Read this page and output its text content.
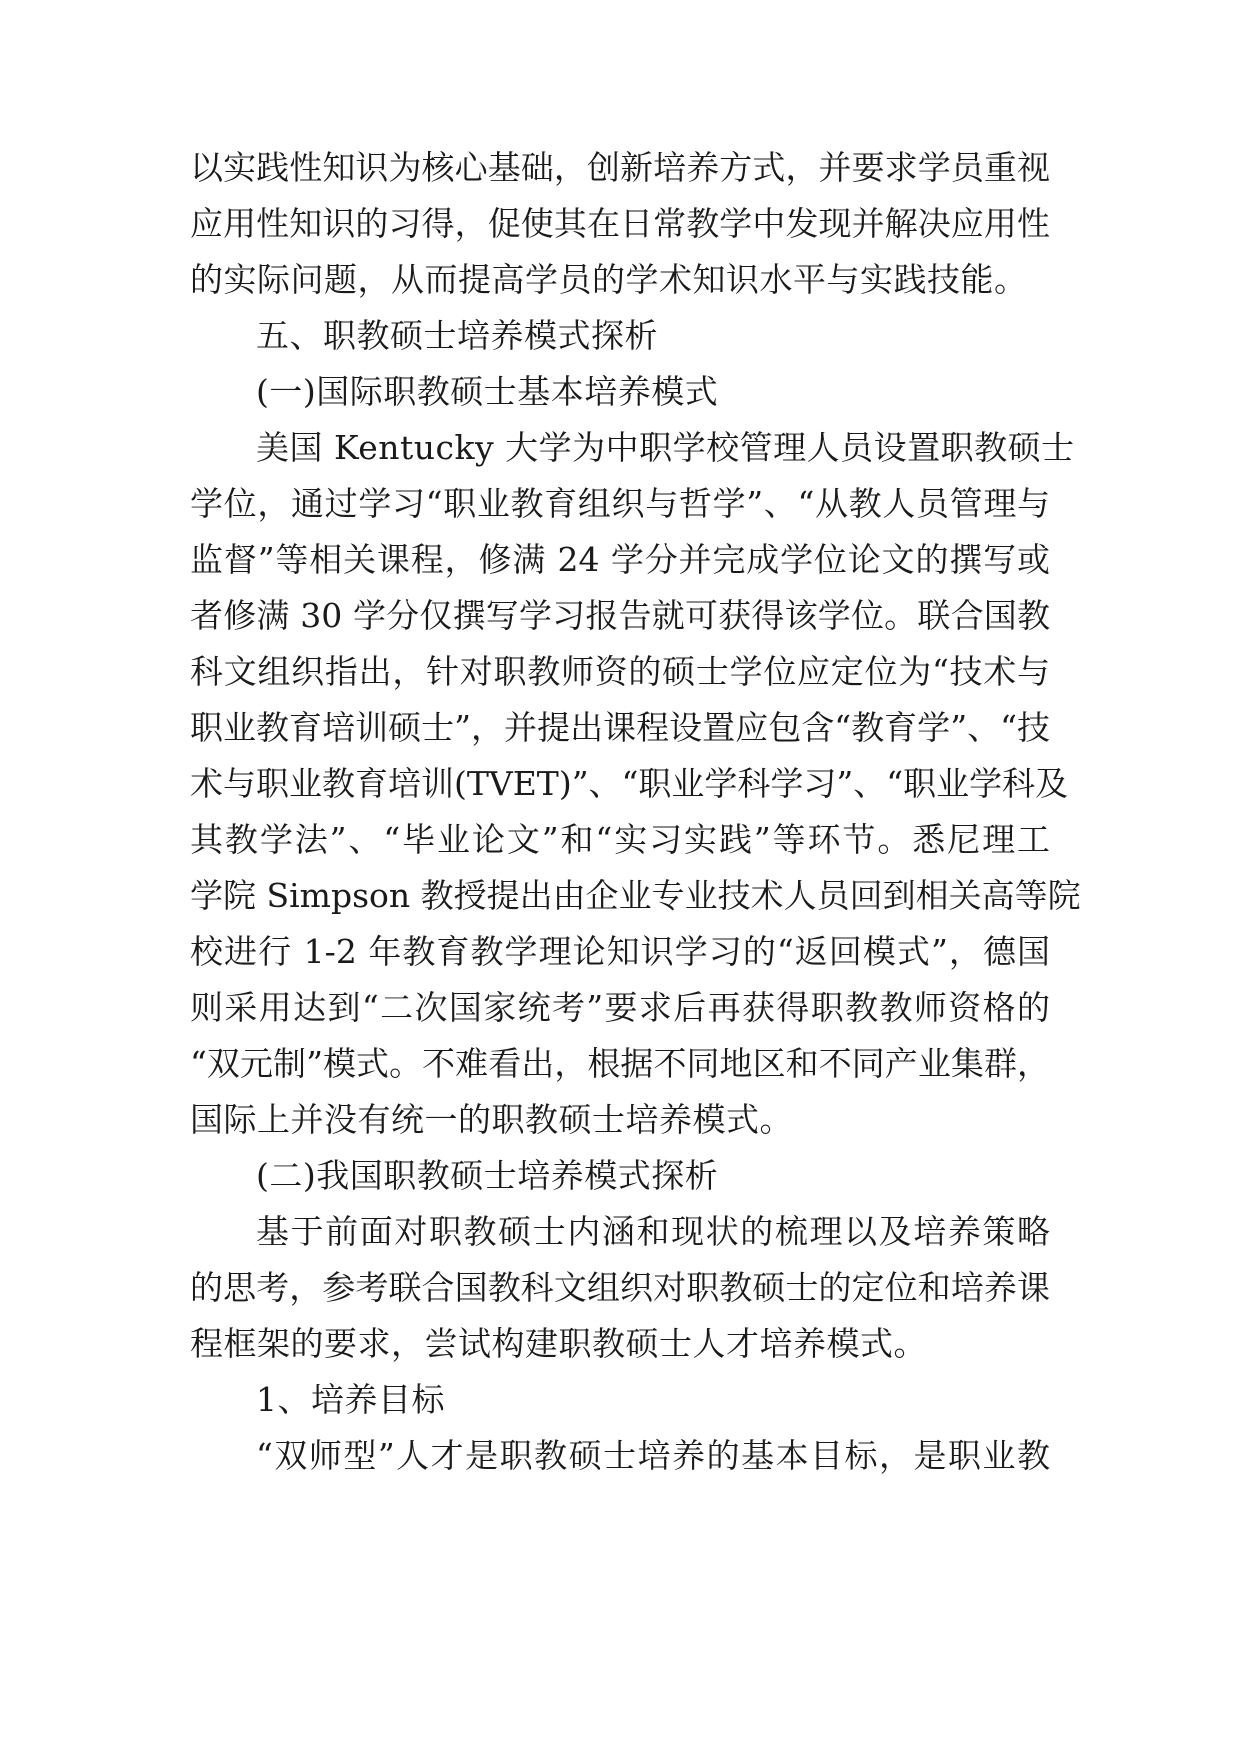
以实践性知识为核心基础，创新培养方式，并要求学员重视
应用性知识的习得，促使其在日常教学中发现并解决应用性
的实际问题，从而提高学员的学术知识水平与实践技能。
五、职教硕士培养模式探析
(一)国际职教硕士基本培养模式
美国 Kentucky 大学为中职学校管理人员设置职教硕士
学位，通过学习“职业教育组织与哲学”、“从教人员管理与
监督”等相关课程，修满 24 学分并完成学位论文的撰写或
者修满 30 学分仅撰写学习报告就可获得该学位。联合国教
科文组织指出，针对职教师资的硕士学位应定位为“技术与
职业教育培训硕士”，并提出课程设置应包含“教育学”、“技
术与职业教育培训(TVET)”、“职业学科学习”、“职业学科及
其教学法”、“毕业论文”和“实习实践”等环节。悉尼理工
学院 Simpson 教授提出由企业专业技术人员回到相关高等院
校进行 1-2 年教育教学理论知识学习的“返回模式”，德国
则采用达到“二次国家统考”要求后再获得职教教师资格的
“双元制”模式。不难看出，根据不同地区和不同产业集群，
国际上并没有统一的职教硕士培养模式。
(二)我国职教硕士培养模式探析
基于前面对职教硕士内涵和现状的梳理以及培养策略
的思考，参考联合国教科文组织对职教硕士的定位和培养课
程框架的要求，尝试构建职教硕士人才培养模式。
1、培养目标
“双师型”人才是职教硕士培养的基本目标，是职业教
